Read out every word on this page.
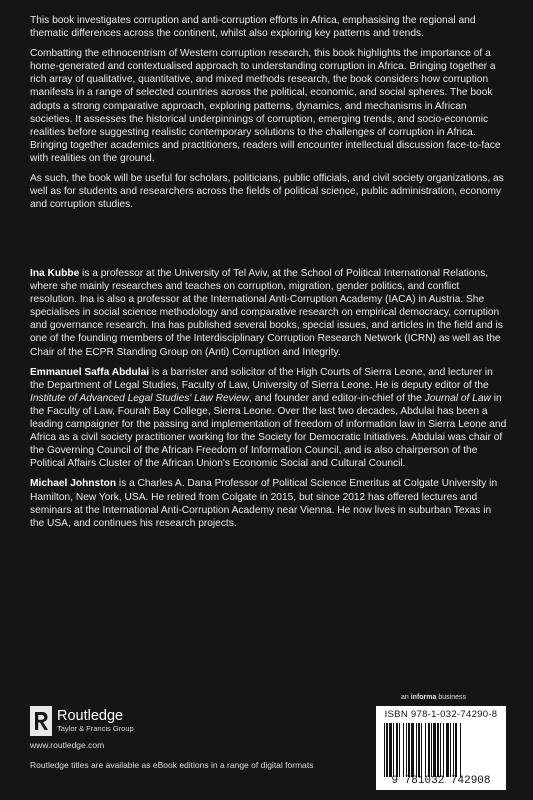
This book investigates corruption and anti-corruption efforts in Africa, emphasising the regional and thematic differences across the continent, whilst also exploring key patterns and trends.

Combatting the ethnocentrism of Western corruption research, this book highlights the importance of a home-generated and contextualised approach to understanding corruption in Africa. Bringing together a rich array of qualitative, quantitative, and mixed methods research, the book considers how corruption manifests in a range of selected countries across the political, economic, and social spheres. The book adopts a strong comparative approach, exploring patterns, dynamics, and mechanisms in African societies. It assesses the historical underpinnings of corruption, emerging trends, and socio-economic realities before suggesting realistic contemporary solutions to the challenges of corruption in Africa. Bringing together academics and practitioners, readers will encounter intellectual discussion face-to-face with realities on the ground.

As such, the book will be useful for scholars, politicians, public officials, and civil society organizations, as well as for students and researchers across the fields of political science, public administration, economy and corruption studies.

Ina Kubbe is a professor at the University of Tel Aviv, at the School of Political International Relations, where she mainly researches and teaches on corruption, migration, gender politics, and conflict resolution. Ina is also a professor at the International Anti-Corruption Academy (IACA) in Austria. She specialises in social science methodology and comparative research on empirical democracy, corruption and governance research. Ina has published several books, special issues, and articles in the field and is one of the founding members of the Interdisciplinary Corruption Research Network (ICRN) as well as the Chair of the ECPR Standing Group on (Anti) Corruption and Integrity.

Emmanuel Saffa Abdulai is a barrister and solicitor of the High Courts of Sierra Leone, and lecturer in the Department of Legal Studies, Faculty of Law, University of Sierra Leone. He is deputy editor of the Institute of Advanced Legal Studies' Law Review, and founder and editor-in-chief of the Journal of Law in the Faculty of Law, Fourah Bay College, Sierra Leone. Over the last two decades, Abdulai has been a leading campaigner for the passing and implementation of freedom of information law in Sierra Leone and Africa as a civil society practitioner working for the Society for Democratic Initiatives. Abdulai was chair of the Governing Council of the African Freedom of Information Council, and is also chairperson of the Political Affairs Cluster of the African Union's Economic Social and Cultural Council.

Michael Johnston is a Charles A. Dana Professor of Political Science Emeritus at Colgate University in Hamilton, New York, USA. He retired from Colgate in 2015, but since 2012 has offered lectures and seminars at the International Anti-Corruption Academy near Vienna. He now lives in suburban Texas in the USA, and continues his research projects.

Routledge
Taylor & Francis Group
www.routledge.com
Routledge titles are available as eBook editions in a range of digital formats
an informa business
ISBN 978-1-032-74290-8
9 781032 742908
